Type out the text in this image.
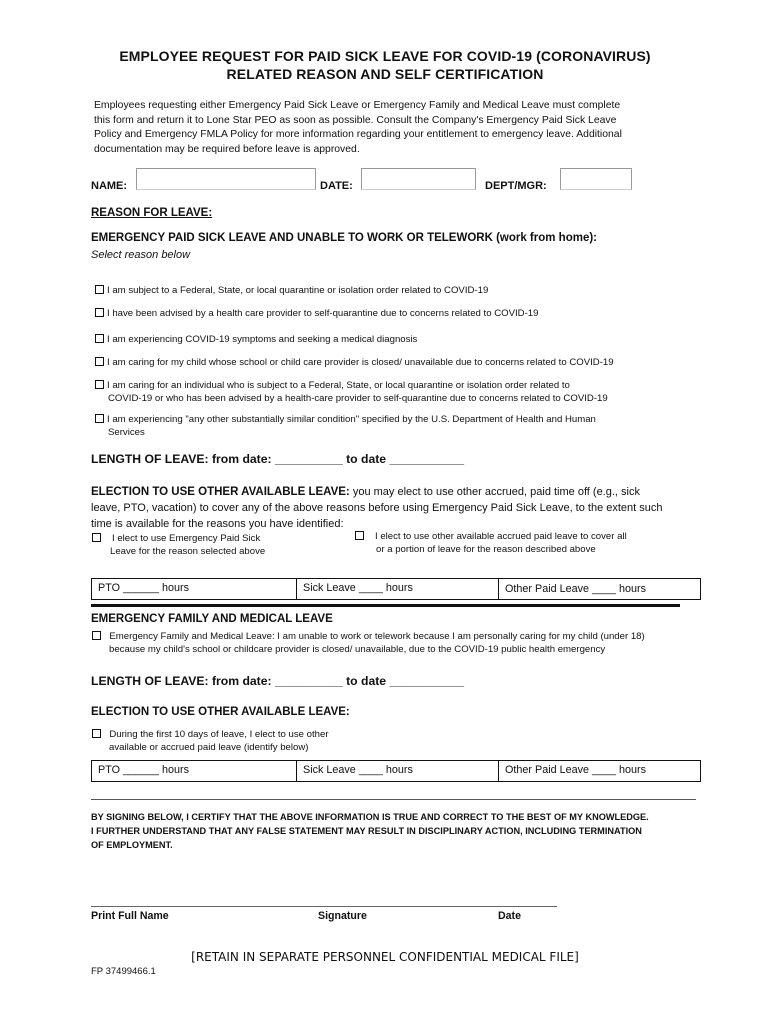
EMPLOYEE REQUEST FOR PAID SICK LEAVE FOR COVID-19 (CORONAVIRUS)
RELATED REASON AND SELF CERTIFICATION
Employees requesting either Emergency Paid Sick Leave or Emergency Family and Medical Leave must complete
this form and return it to Lone Star PEO as soon as possible. Consult the Company's Emergency Paid Sick Leave
Policy and Emergency FMLA Policy for more information regarding your entitlement to emergency leave. Additional
documentation may be required before leave is approved.
NAME:	DATE:	DEPT/MGR:
REASON FOR LEAVE:
EMERGENCY PAID SICK LEAVE AND UNABLE TO WORK OR TELEWORK (work from home):
Select reason below
I am subject to a Federal, State, or local quarantine or isolation order related to COVID-19
I have been advised by a health care provider to self-quarantine due to concerns related to COVID-19
I am experiencing COVID-19 symptoms and seeking a medical diagnosis
I am caring for my child whose school or child care provider is closed/ unavailable due to concerns related to COVID-19
I am caring for an individual who is subject to a Federal, State, or local quarantine or isolation order related to
COVID-19 or who has been advised by a health-care provider to self-quarantine due to concerns related to COVID-19
I am experiencing "any other substantially similar condition" specified by the U.S. Department of Health and Human
Services
LENGTH OF LEAVE: from date: __________ to date ___________
ELECTION TO USE OTHER AVAILABLE LEAVE: you may elect to use other accrued, paid time off (e.g., sick
leave, PTO, vacation) to cover any of the above reasons before using Emergency Paid Sick Leave, to the extent such
time is available for the reasons you have identified:
I elect to use Emergency Paid Sick
Leave for the reason selected above
I elect to use other available accrued paid leave to cover all
or a portion of leave for the reason described above
PTO ______ hours	Sick Leave ____ hours	Other Paid Leave ____ hours
EMERGENCY FAMILY AND MEDICAL LEAVE
Emergency Family and Medical Leave: I am unable to work or telework because I am personally caring for my child (under 18)
because my child's school or childcare provider is closed/ unavailable, due to the COVID-19 public health emergency
LENGTH OF LEAVE: from date: __________ to date ___________
ELECTION TO USE OTHER AVAILABLE LEAVE:
During the first 10 days of leave, I elect to use other
available or accrued paid leave (identify below)
PTO ______ hours	Sick Leave ____ hours	Other Paid Leave ____ hours
BY SIGNING BELOW, I CERTIFY THAT THE ABOVE INFORMATION IS TRUE AND CORRECT TO THE BEST OF MY KNOWLEDGE.
I FURTHER UNDERSTAND THAT ANY FALSE STATEMENT MAY RESULT IN DISCIPLINARY ACTION, INCLUDING TERMINATION
OF EMPLOYMENT.
Print Full Name	Signature	Date
[RETAIN IN SEPARATE PERSONNEL CONFIDENTIAL MEDICAL FILE]
FP 37499466.1
